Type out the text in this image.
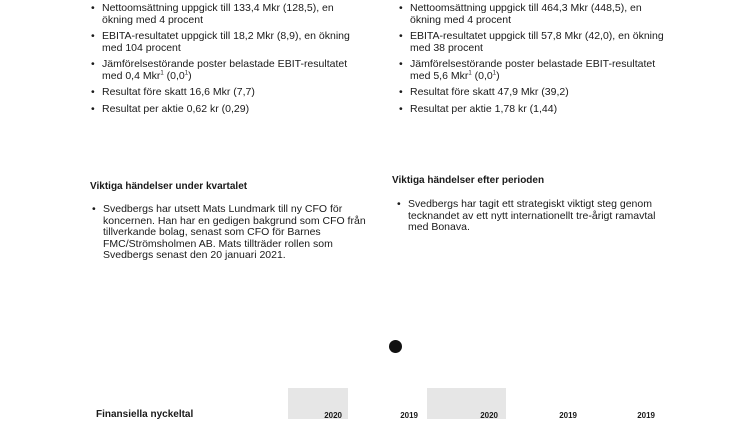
• Nettoomsättning uppgick till 133,4 Mkr (128,5), en ökning med 4 procent
• EBITA-resultatet uppgick till 18,2 Mkr (8,9), en ökning med 104 procent
• Jämförelsestörande poster belastade EBIT-resultatet med 0,4 Mkr$^1$ $(0,0^1)$
• Resultat före skatt 16,6 Mkr (7,7)
• Resultat per aktie 0,62 kr (0,29)
• Nettoomsättning uppgick till 464,3 Mkr (448,5), en ökning med 4 procent
• EBITA-resultatet uppgick till 57,8 Mkr (42,0), en ökning med 38 procent
• Jämförelsestörande poster belastade EBIT-resultatet med 5,6 Mkr$^1$ $(0,0^1)$
• Resultat före skatt 47,9 Mkr (39,2)
• Resultat per aktie 1,78 kr (1,44)
Viktiga händelser under kvartalet
Viktiga händelser efter perioden
• Svedbergs har utsett Mats Lundmark till ny CFO för koncernen. Han har en gedigen bakgrund som CFO från tillverkande bolag, senast som CFO för Barnes FMC/Strömsholmen AB. Mats tillträder rollen som Svedbergs senast den 20 januari 2021.
• Svedbergs har tagit ett strategiskt viktigt steg genom tecknandet av ett nytt internationellt tre-årigt ramavtal med Bonava.
Finansiella nyckeltal	2020	2019	2020	2019	2019
